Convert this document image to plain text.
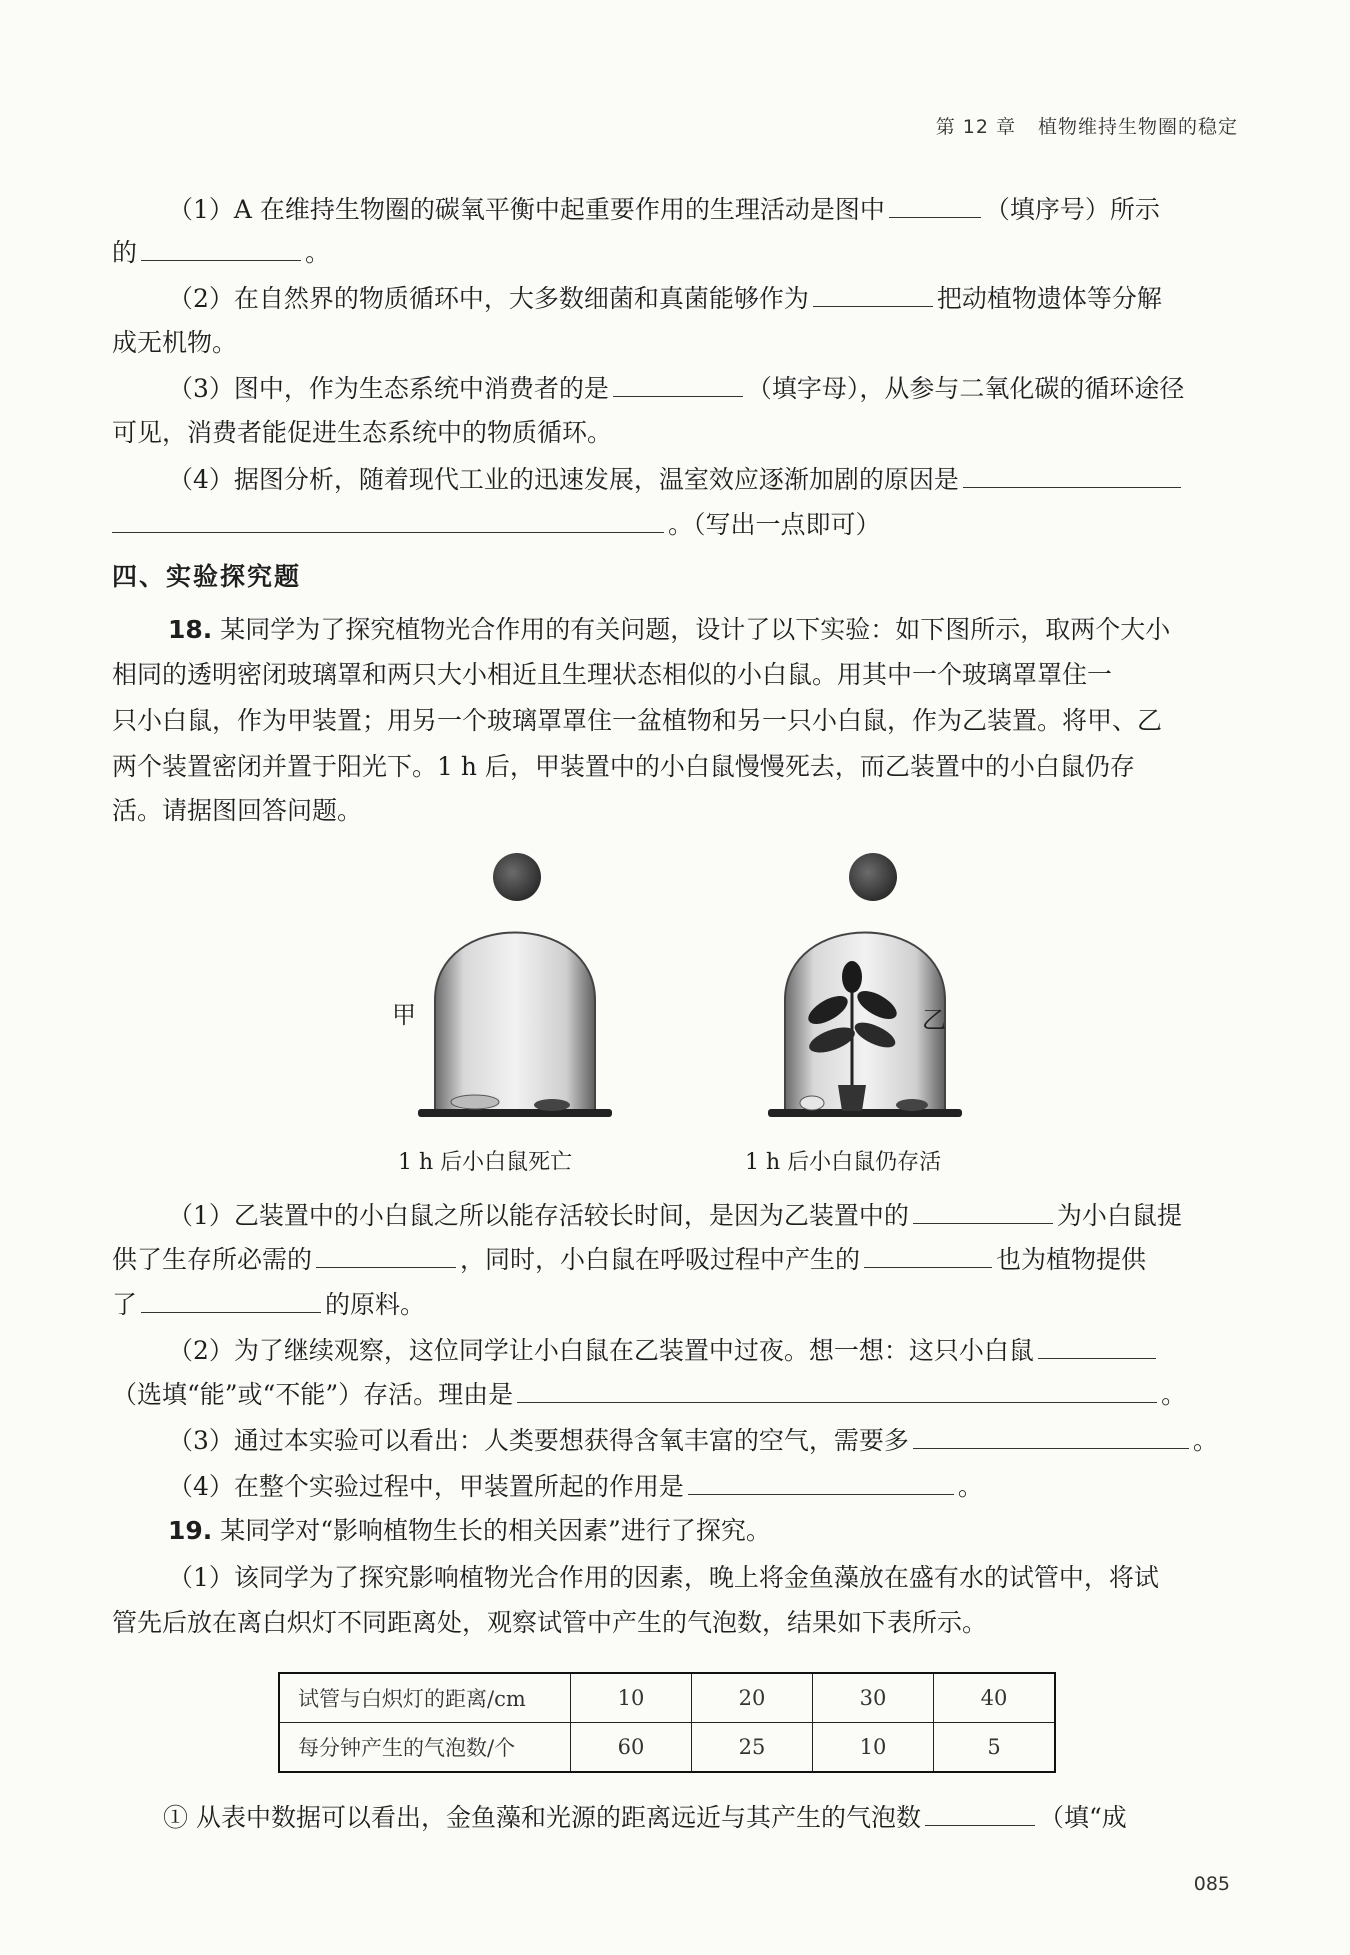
第 12 章 植物维持生物圈的稳定
（1）A 在维持生物圈的碳氧平衡中起重要作用的生理活动是图中	（填序号）所示
的	。
（2）在自然界的物质循环中，大多数细菌和真菌能够作为	把动植物遗体等分解
成无机物。
（3）图中，作为生态系统中消费者的是	（填字母），从参与二氧化碳的循环途径
可见，消费者能促进生态系统中的物质循环。
（4）据图分析，随着现代工业的迅速发展，温室效应逐渐加剧的原因是
。（写出一点即可）
四、实验探究题
18. 某同学为了探究植物光合作用的有关问题，设计了以下实验：如下图所示，取两个大小
相同的透明密闭玻璃罩和两只大小相近且生理状态相似的小白鼠。用其中一个玻璃罩罩住一
只小白鼠，作为甲装置；用另一个玻璃罩罩住一盆植物和另一只小白鼠，作为乙装置。将甲、乙
两个装置密闭并置于阳光下。1 h 后，甲装置中的小白鼠慢慢死去，而乙装置中的小白鼠仍存
活。请据图回答问题。
甲	乙
1 h 后小白鼠死亡	1 h 后小白鼠仍存活
（1）乙装置中的小白鼠之所以能存活较长时间，是因为乙装置中的	为小白鼠提
供了生存所必需的	，同时，小白鼠在呼吸过程中产生的	也为植物提供
了	的原料。
（2）为了继续观察，这位同学让小白鼠在乙装置中过夜。想一想：这只小白鼠
（选填“能”或“不能”）存活。理由是	。
（3）通过本实验可以看出：人类要想获得含氧丰富的空气，需要多	。
（4）在整个实验过程中，甲装置所起的作用是	。
19. 某同学对“影响植物生长的相关因素”进行了探究。
（1）该同学为了探究影响植物光合作用的因素，晚上将金鱼藻放在盛有水的试管中，将试
管先后放在离白炽灯不同距离处，观察试管中产生的气泡数，结果如下表所示。
试管与白炽灯的距离/cm	10	20	30	40
每分钟产生的气泡数/个	60	25	10	5
① 从表中数据可以看出，金鱼藻和光源的距离远近与其产生的气泡数	（填“成
085
